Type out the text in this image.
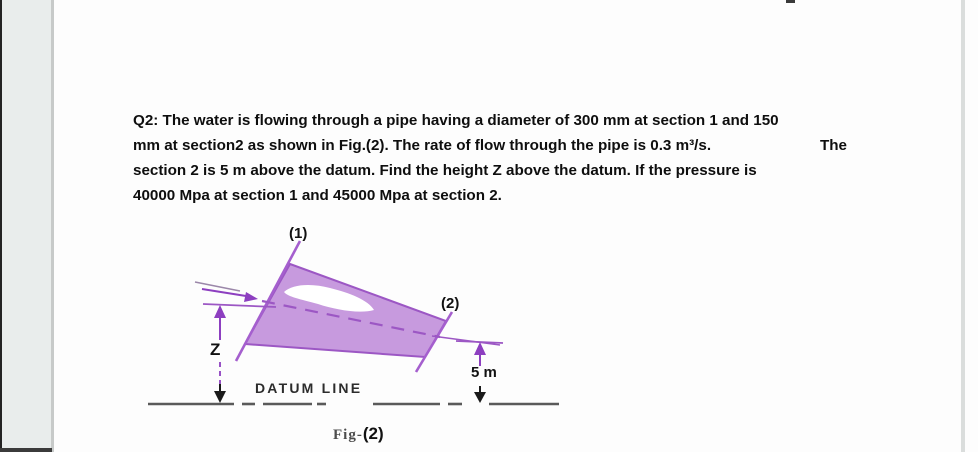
Q2: The water is flowing through a pipe having a diameter of 300 mm at section 1 and 150
mm at section2 as shown in Fig.(2). The rate of flow through the pipe is 0.3 m³/s.	The
section 2 is 5 m above the datum. Find the height Z above the datum. If the pressure is
40000 Mpa at section 1 and 45000 Mpa at section 2.
(1)
(2)
Z
5 m
DATUM LINE
Fig-(2)
